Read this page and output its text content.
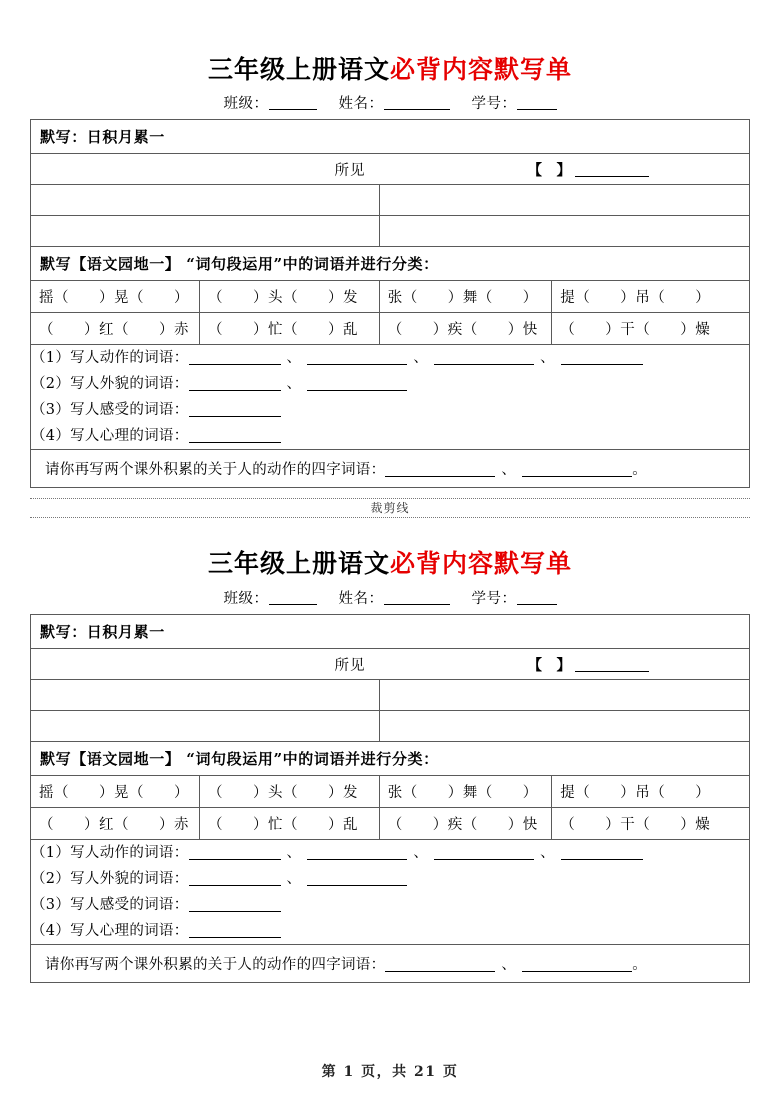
三年级上册语文必背内容默写单
班级：	姓名：	学号：
默写：日积月累一			

所见 【　】			

默写【语文园地一】 “词句段运用”中的词语并进行分类：			

摇（　　）晃（　　）	（　　）头（　　）发	张（　　）舞（　　）	提（　　）吊（　　）

（　　）红（　　）赤	（　　）忙（　　）乱	（　　）疾（　　）快	（　　）干（　　）燥

（1）写人动作的词语： 、 、 、
（2）写人外貌的词语： 、
（3）写人感受的词语：
（4）写人心理的词语：			

请你再写两个课外积累的关于人的动作的四字词语： 、 。			
裁剪线
三年级上册语文必背内容默写单
班级：	姓名：	学号：
默写：日积月累一			

所见 【　】			

默写【语文园地一】 “词句段运用”中的词语并进行分类：			

摇（　　）晃（　　）	（　　）头（　　）发	张（　　）舞（　　）	提（　　）吊（　　）

（　　）红（　　）赤	（　　）忙（　　）乱	（　　）疾（　　）快	（　　）干（　　）燥

（1）写人动作的词语： 、 、 、
（2）写人外貌的词语： 、
（3）写人感受的词语：
（4）写人心理的词语：			

请你再写两个课外积累的关于人的动作的四字词语： 、 。			
第 1 页，共 21 页
